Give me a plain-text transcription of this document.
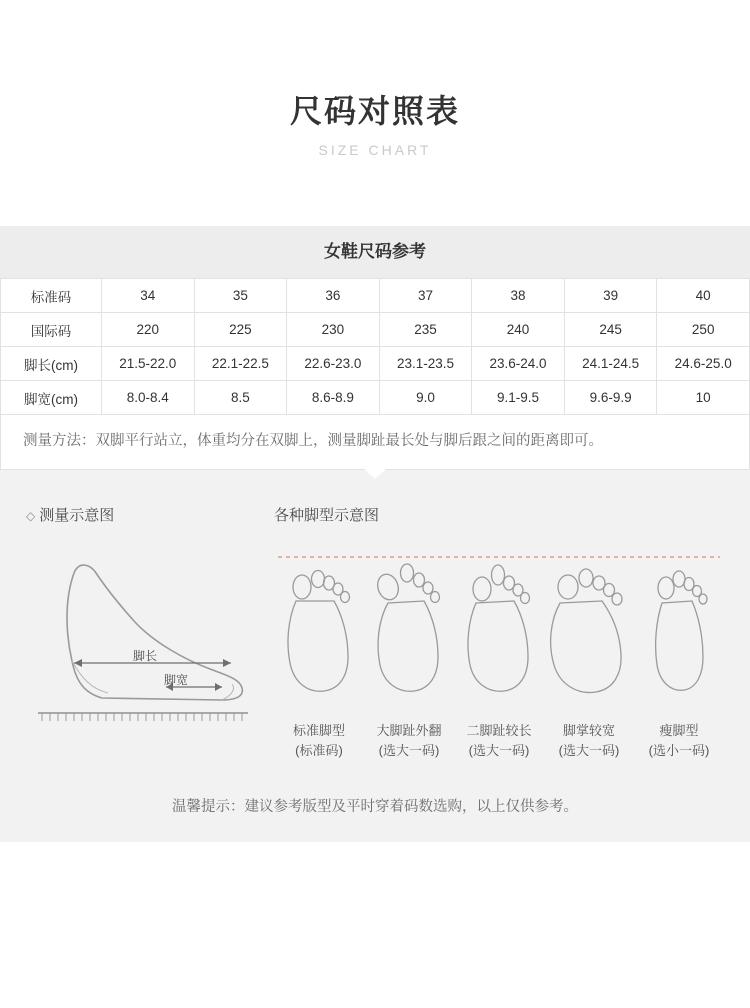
尺码对照表
SIZE CHART
女鞋尺码参考
标准码	34	35	36	37	38	39	40
国际码	220	225	230	235	240	245	250
脚长(cm)	21.5-22.0	22.1-22.5	22.6-23.0	23.1-23.5	23.6-24.0	24.1-24.5	24.6-25.0
脚宽(cm)	8.0-8.4	8.5	8.6-8.9	9.0	9.1-9.5	9.6-9.9	10
测量方法：双脚平行站立，体重均分在双脚上，测量脚趾最长处与脚后跟之间的距离即可。
◇ 测量示意图
脚长
脚宽
各种脚型示意图
标准脚型
(标准码)
大脚趾外翻
(选大一码)
二脚趾较长
(选大一码)
脚掌较宽
(选大一码)
瘦脚型
(选小一码)
温馨提示：建议参考版型及平时穿着码数选购，以上仅供参考。
